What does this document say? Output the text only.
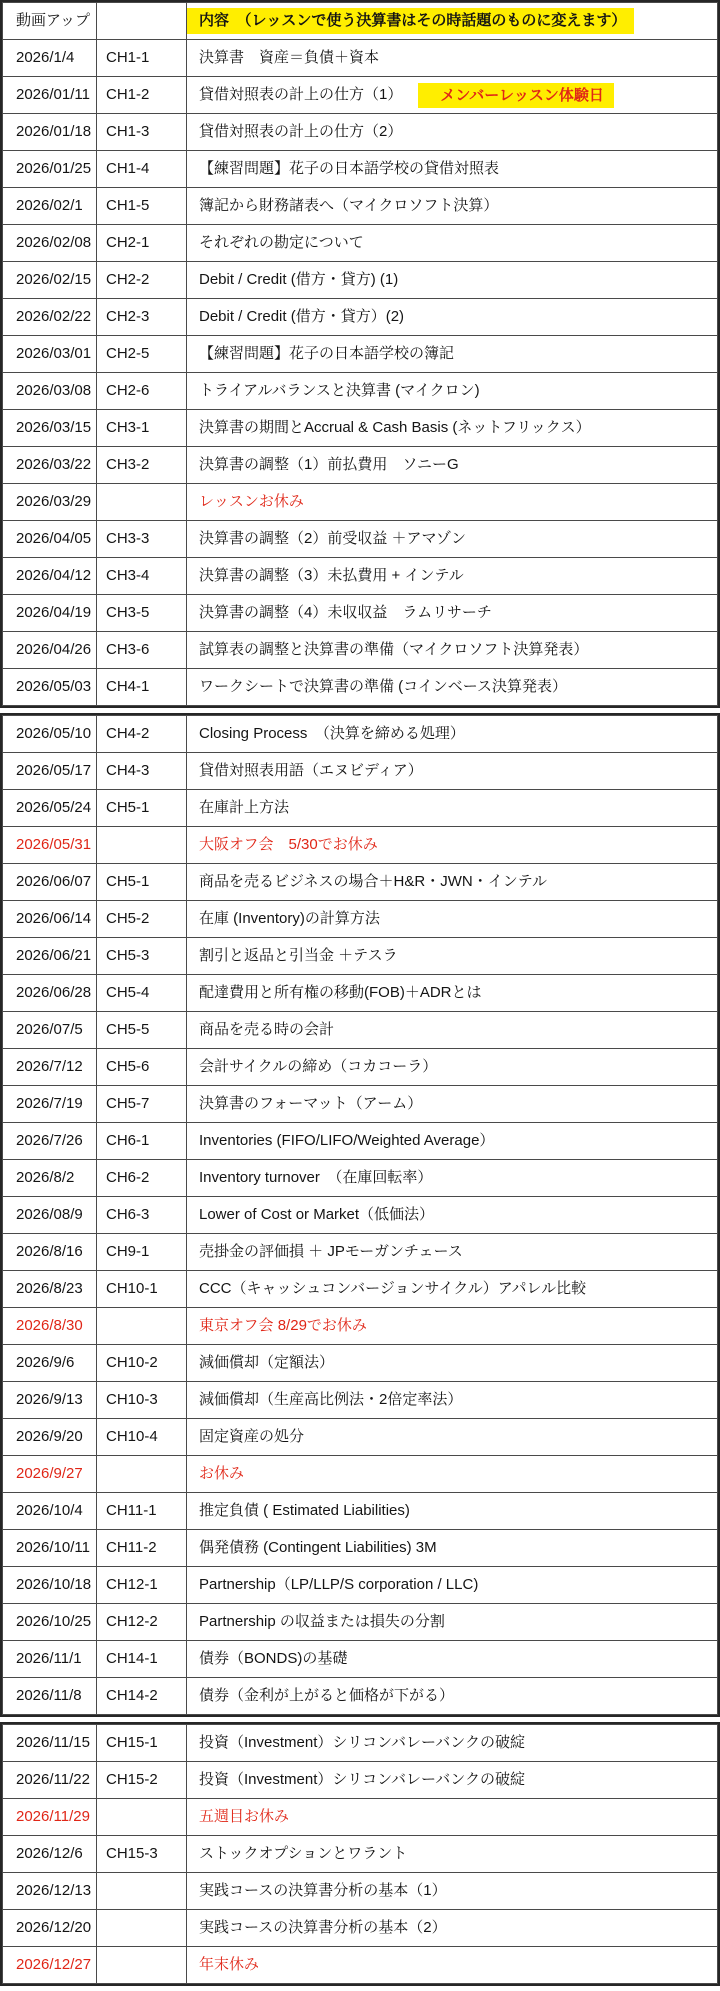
動画アップ		内容　（レッスンで使う決算書はその時話題のものに変えます）
2026/1/4	CH1-1	決算書　資産＝負債＋資本
2026/01/11	CH1-2	貸借対照表の計上の仕方（1） メンバーレッスン体験日
2026/01/18	CH1-3	貸借対照表の計上の仕方（2）
2026/01/25	CH1-4	【練習問題】花子の日本語学校の貸借対照表
2026/02/1	CH1-5	簿記から財務諸表へ（マイクロソフト決算）
2026/02/08	CH2-1	それぞれの勘定について
2026/02/15	CH2-2	Debit / Credit (借方・貸方) (1)
2026/02/22	CH2-3	Debit / Credit (借方・貸方）(2)
2026/03/01	CH2-5	【練習問題】花子の日本語学校の簿記
2026/03/08	CH2-6	トライアルバランスと決算書 (マイクロン)
2026/03/15	CH3-1	決算書の期間とAccrual & Cash Basis (ネットフリックス）
2026/03/22	CH3-2	決算書の調整（1）前払費用　ソニーG
2026/03/29		レッスンお休み
2026/04/05	CH3-3	決算書の調整（2）前受収益 ＋アマゾン
2026/04/12	CH3-4	決算書の調整（3）未払費用 + インテル
2026/04/19	CH3-5	決算書の調整（4）未収収益　ラムリサーチ
2026/04/26	CH3-6	試算表の調整と決算書の準備（マイクロソフト決算発表）
2026/05/03	CH4-1	ワークシートで決算書の準備 (コインベース決算発表）
2026/05/10	CH4-2	Closing Process　（決算を締める処理）
2026/05/17	CH4-3	貸借対照表用語（エヌビディア）
2026/05/24	CH5-1	在庫計上方法
2026/05/31		大阪オフ会　5/30でお休み
2026/06/07	CH5-1	商品を売るビジネスの場合＋H&R・JWN・インテル
2026/06/14	CH5-2	在庫 (Inventory)の計算方法
2026/06/21	CH5-3	割引と返品と引当金 ＋テスラ
2026/06/28	CH5-4	配達費用と所有権の移動(FOB)＋ADRとは
2026/07/5	CH5-5	商品を売る時の会計
2026/7/12	CH5-6	会計サイクルの締め（コカコーラ）
2026/7/19	CH5-7	決算書のフォーマット（アーム）
2026/7/26	CH6-1	Inventories (FIFO/LIFO/Weighted Average）
2026/8/2	CH6-2	Inventory turnover　（在庫回転率）
2026/08/9	CH6-3	Lower of Cost or Market（低価法）
2026/8/16	CH9-1	売掛金の評価損 ＋ JPモーガンチェース
2026/8/23	CH10-1	CCC（キャッシュコンバージョンサイクル）アパレル比較
2026/8/30		東京オフ会 8/29でお休み
2026/9/6	CH10-2	減価償却（定額法）
2026/9/13	CH10-3	減価償却（生産高比例法・2倍定率法）
2026/9/20	CH10-4	固定資産の処分
2026/9/27		お休み
2026/10/4	CH11-1	推定負債 ( Estimated Liabilities)
2026/10/11	CH11-2	偶発債務 (Contingent Liabilities) 3M
2026/10/18	CH12-1	Partnership（LP/LLP/S corporation / LLC)
2026/10/25	CH12-2	Partnership の収益または損失の分割
2026/11/1	CH14-1	債券（BONDS)の基礎
2026/11/8	CH14-2	債券（金利が上がると価格が下がる）
2026/11/15	CH15-1	投資（Investment）シリコンバレーバンクの破綻
2026/11/22	CH15-2	投資（Investment）シリコンバレーバンクの破綻
2026/11/29		五週目お休み
2026/12/6	CH15-3	ストックオプションとワラント
2026/12/13		実践コースの決算書分析の基本（1）
2026/12/20		実践コースの決算書分析の基本（2）
2026/12/27		年末休み
